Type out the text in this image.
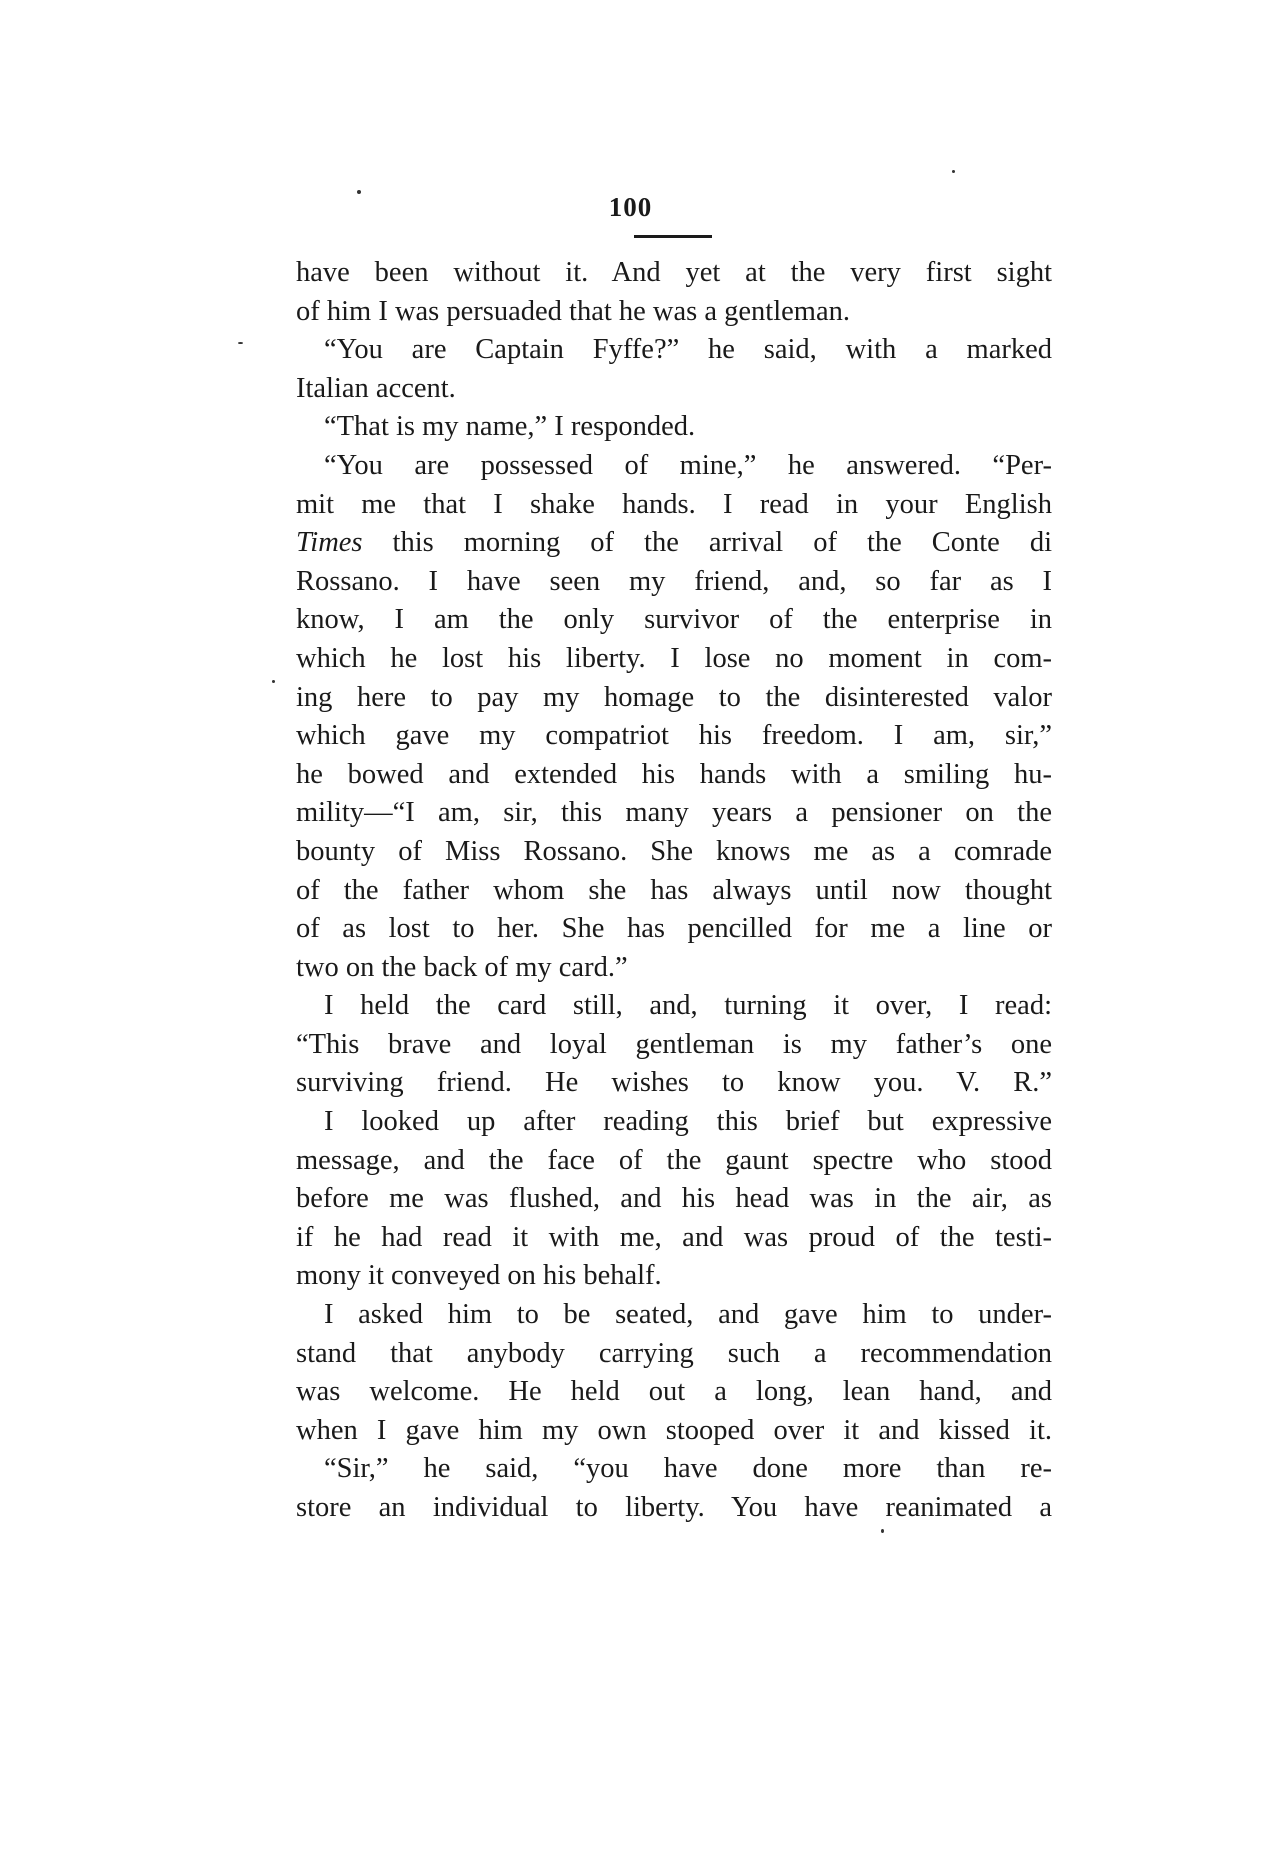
100
have been without it. And yet at the very first sight
of him I was persuaded that he was a gentleman.
“You are Captain Fyffe?” he said, with a marked
Italian accent.
“That is my name,” I responded.
“You are possessed of mine,” he answered. “Per-
mit me that I shake hands. I read in your English
Times this morning of the arrival of the Conte di
Rossano. I have seen my friend, and, so far as I
know, I am the only survivor of the enterprise in
which he lost his liberty. I lose no moment in com-
ing here to pay my homage to the disinterested valor
which gave my compatriot his freedom. I am, sir,”
he bowed and extended his hands with a smiling hu-
mility—“I am, sir, this many years a pensioner on the
bounty of Miss Rossano. She knows me as a comrade
of the father whom she has always until now thought
of as lost to her. She has pencilled for me a line or
two on the back of my card.”
I held the card still, and, turning it over, I read:
“This brave and loyal gentleman is my father’s one
surviving friend. He wishes to know you. V. R.”
I looked up after reading this brief but expressive
message, and the face of the gaunt spectre who stood
before me was flushed, and his head was in the air, as
if he had read it with me, and was proud of the testi-
mony it conveyed on his behalf.
I asked him to be seated, and gave him to under-
stand that anybody carrying such a recommendation
was welcome. He held out a long, lean hand, and
when I gave him my own stooped over it and kissed it.
“Sir,” he said, “you have done more than re-
store an individual to liberty. You have reanimated a
